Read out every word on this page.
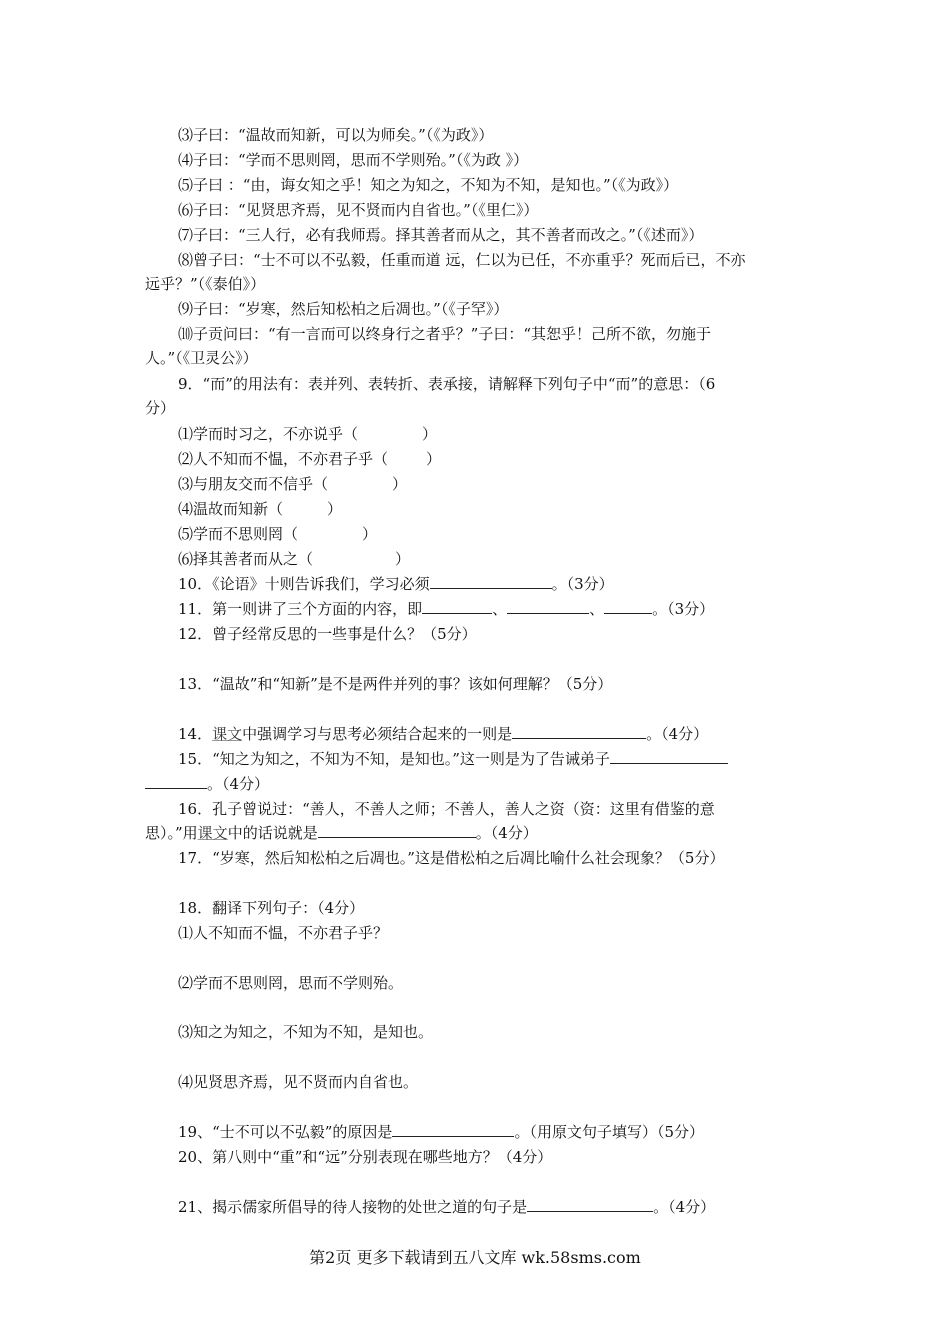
⑶子曰：“温故而知新，可以为师矣。”（《为政》）
⑷子曰：“学而不思则罔，思而不学则殆。”（《为政 》）
⑸子曰 ：“由，诲女知之乎！知之为知之，不知为不知，是知也。”（《为政》）
⑹子曰：“见贤思齐焉，见不贤而内自省也。”（《里仁》）
⑺子曰：“三人行，必有我师焉。择其善者而从之，其不善者而改之。”（《述而》）
⑻曾子曰：“士不可以不弘毅，任重而道 远，仁以为已任，不亦重乎？死而后已，不亦
远乎？”（《泰伯》）
⑼子曰：“岁寒，然后知松柏之后凋也。”（《子罕》）
⑽子贡问曰：“有一言而可以终身行之者乎？”子曰：“其恕乎！己所不欲，勿施于
人。”（《卫灵公》）
9．“而”的用法有：表并列、表转折、表承接，请解释下列句子中“而”的意思：（6
分）
⑴学而时习之，不亦说乎（	）
⑵人不知而不愠，不亦君子乎（	）
⑶与朋友交而不信乎（	）
⑷温故而知新（	）
⑸学而不思则罔（	）
⑹择其善者而从之（	）
10．《论语》十则告诉我们，学习必须	。（3分）
11．第一则讲了三个方面的内容，即	、	、	。（3分）
12．曾子经常反思的一些事是什么？（5分）
13．“温故”和“知新”是不是两件并列的事？该如何理解？（5分）
14．课文中强调学习与思考必须结合起来的一则是	。（4分）
15．“知之为知之，不知为不知，是知也。”这一则是为了告诫弟子
。（4分）
16．孔子曾说过：“善人，不善人之师；不善人，善人之资（资：这里有借鉴的意
思）。”用课文中的话说就是	。（4分）
17．“岁寒，然后知松柏之后凋也。”这是借松柏之后凋比喻什么社会现象？（5分）
18．翻译下列句子：（4分）
⑴人不知而不愠，不亦君子乎？
⑵学而不思则罔，思而不学则殆。
⑶知之为知之，不知为不知，是知也。
⑷见贤思齐焉，见不贤而内自省也。
19、“士不可以不弘毅”的原因是	。（用原文句子填写）（5分）
20、第八则中“重”和“远”分别表现在哪些地方？（4分）
21、揭示儒家所倡导的待人接物的处世之道的句子是	。（4分）
第2页 更多下载请到五八文库 wk.58sms.com
